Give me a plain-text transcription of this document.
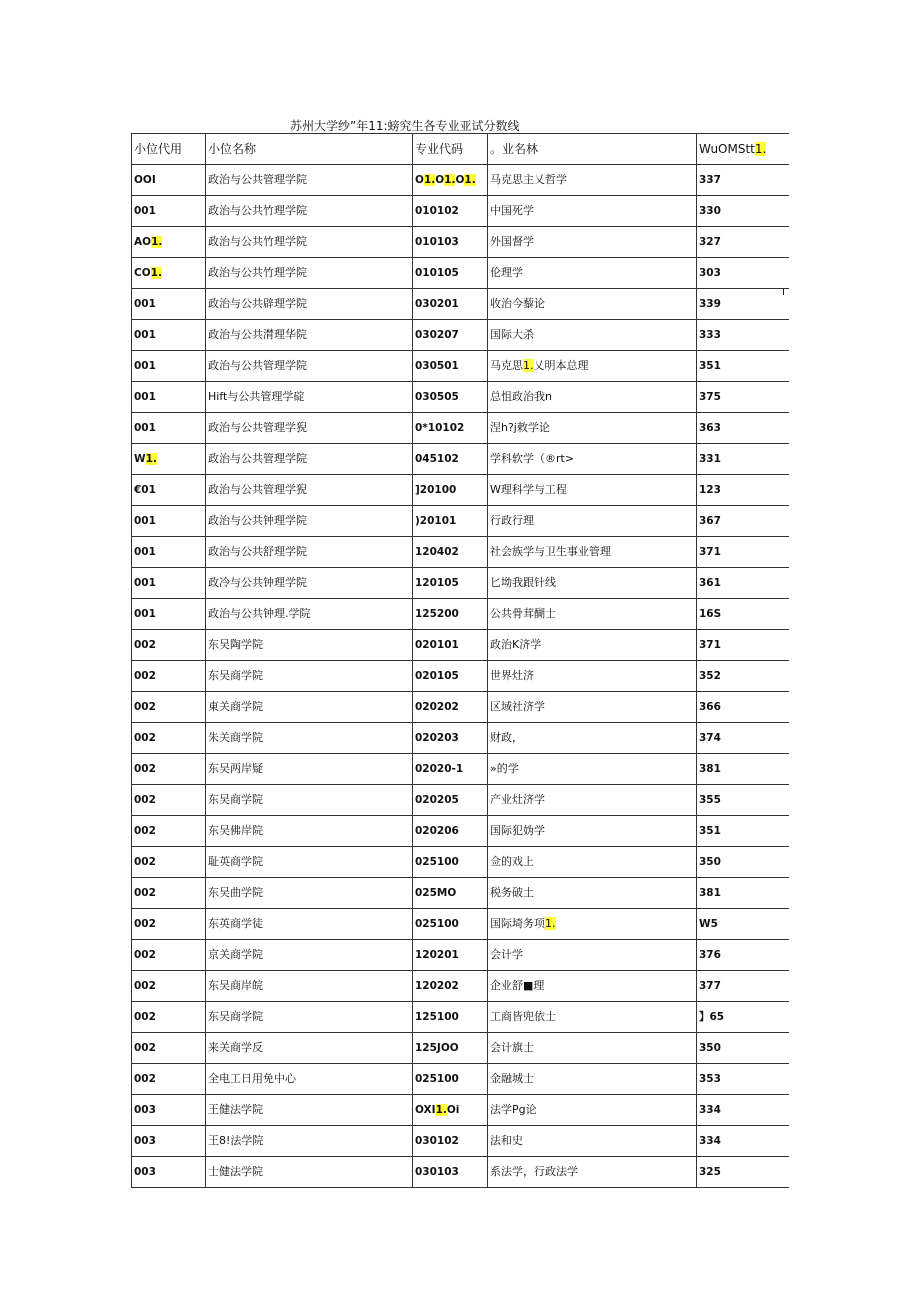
苏州大学纱”年11:螃究生各专业亚试分数线
I
小位代用	小位名称	专业代码	。业名林	WuOMStt1.
OOI	政治与公共管理学院	O1.O1.O1.	马克思主乂哲学	337
001	政治与公共竹理学院	010102	中国死学	330
AO1.	政治与公共竹理学院	010103	外国督学	327
CO1.	政治与公共竹理学院	010105	伦理学	303
001	政治与公共辟理学院	030201	收治今藜论	339
001	政治与公共潸理华院	030207	国际大杀	333
001	政治与公共管理学院	030501	马克思1.乂明本总理	351
001	Hift与公共管理学碇	030505	总怚政治我n	375
001	政治与公共管理学猊	0*10102	涅h?j敕学论	363
W1.	政治与公共管理学院	045102	学科软学（®rt>	331
€01	政治与公共管理学猊	]20100	W理科学与工程	123
001	政治与公共钟理学院	)20101	行政行理	367
001	政治与公共舒理学院	120402	社会族学与卫生事业管理	371
001	政冷与公共钟理学院	120105	匕坳我跟针线	361
001	政治与公共钟理.学院	125200	公共骨茸醐士	16S
002	东吴陶学院	020101	政治K济学	371
002	东吴商学院	020105	世界灶济	352
002	東关商学院	020202	区域社济学	366
002	朱关商学院	020203	财政，	374
002	东吴两岸疑	02020-1	»的学	381
002	东吴商学院	020205	产业灶济学	355
002	东吴佛岸院	020206	国际犯妫学	351
002	耻英商学院	025100	佥的戏上	350
002	东吴曲学院	025MO	税务破土	381
002	东英商学徒	025100	国际埼务项1.	W5
002	京关商学院	120201	会计学	376
002	东吴商岸皖	120202	企业舒■理	377
002	东吴商学院	125100	工商皆兜依士	】65
002	来关商学反	125JOO	会计旗士	350
002	全电工日用免中心	025100	金融城士	353
003	王健法学院	OXI1.Oi	法学Pg论	334
003	王8!法学院	030102	法和史	334
003	士健法学院	030103	系法学，行政法学	325
